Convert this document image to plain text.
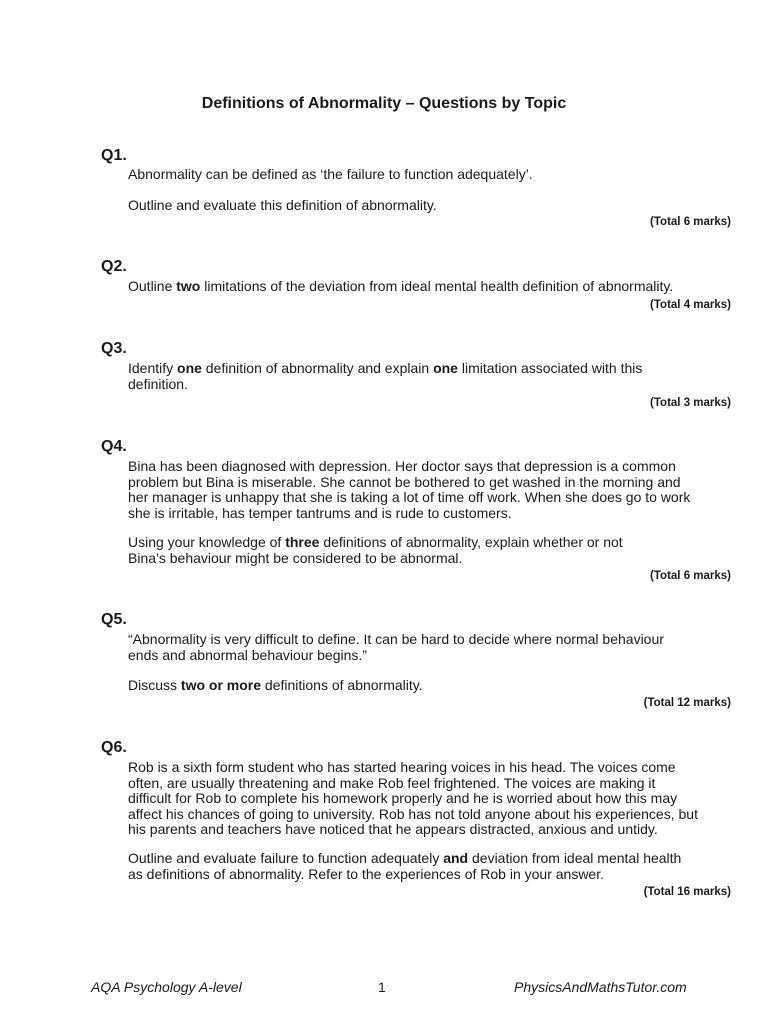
Definitions of Abnormality – Questions by Topic
Q1.
Abnormality can be defined as ‘the failure to function adequately’.
Outline and evaluate this definition of abnormality.
(Total 6 marks)
Q2.
Outline two limitations of the deviation from ideal mental health definition of abnormality.
(Total 4 marks)
Q3.
Identify one definition of abnormality and explain one limitation associated with this definition.
(Total 3 marks)
Q4.
Bina has been diagnosed with depression. Her doctor says that depression is a common problem but Bina is miserable. She cannot be bothered to get washed in the morning and her manager is unhappy that she is taking a lot of time off work. When she does go to work she is irritable, has temper tantrums and is rude to customers.
Using your knowledge of three definitions of abnormality, explain whether or not Bina’s behaviour might be considered to be abnormal.
(Total 6 marks)
Q5.
“Abnormality is very difficult to define. It can be hard to decide where normal behaviour ends and abnormal behaviour begins.”
Discuss two or more definitions of abnormality.
(Total 12 marks)
Q6.
Rob is a sixth form student who has started hearing voices in his head. The voices come often, are usually threatening and make Rob feel frightened. The voices are making it difficult for Rob to complete his homework properly and he is worried about how this may affect his chances of going to university. Rob has not told anyone about his experiences, but his parents and teachers have noticed that he appears distracted, anxious and untidy.
Outline and evaluate failure to function adequately and deviation from ideal mental health as definitions of abnormality. Refer to the experiences of Rob in your answer.
(Total 16 marks)
AQA Psychology A-level	1	PhysicsAndMathsTutor.com
